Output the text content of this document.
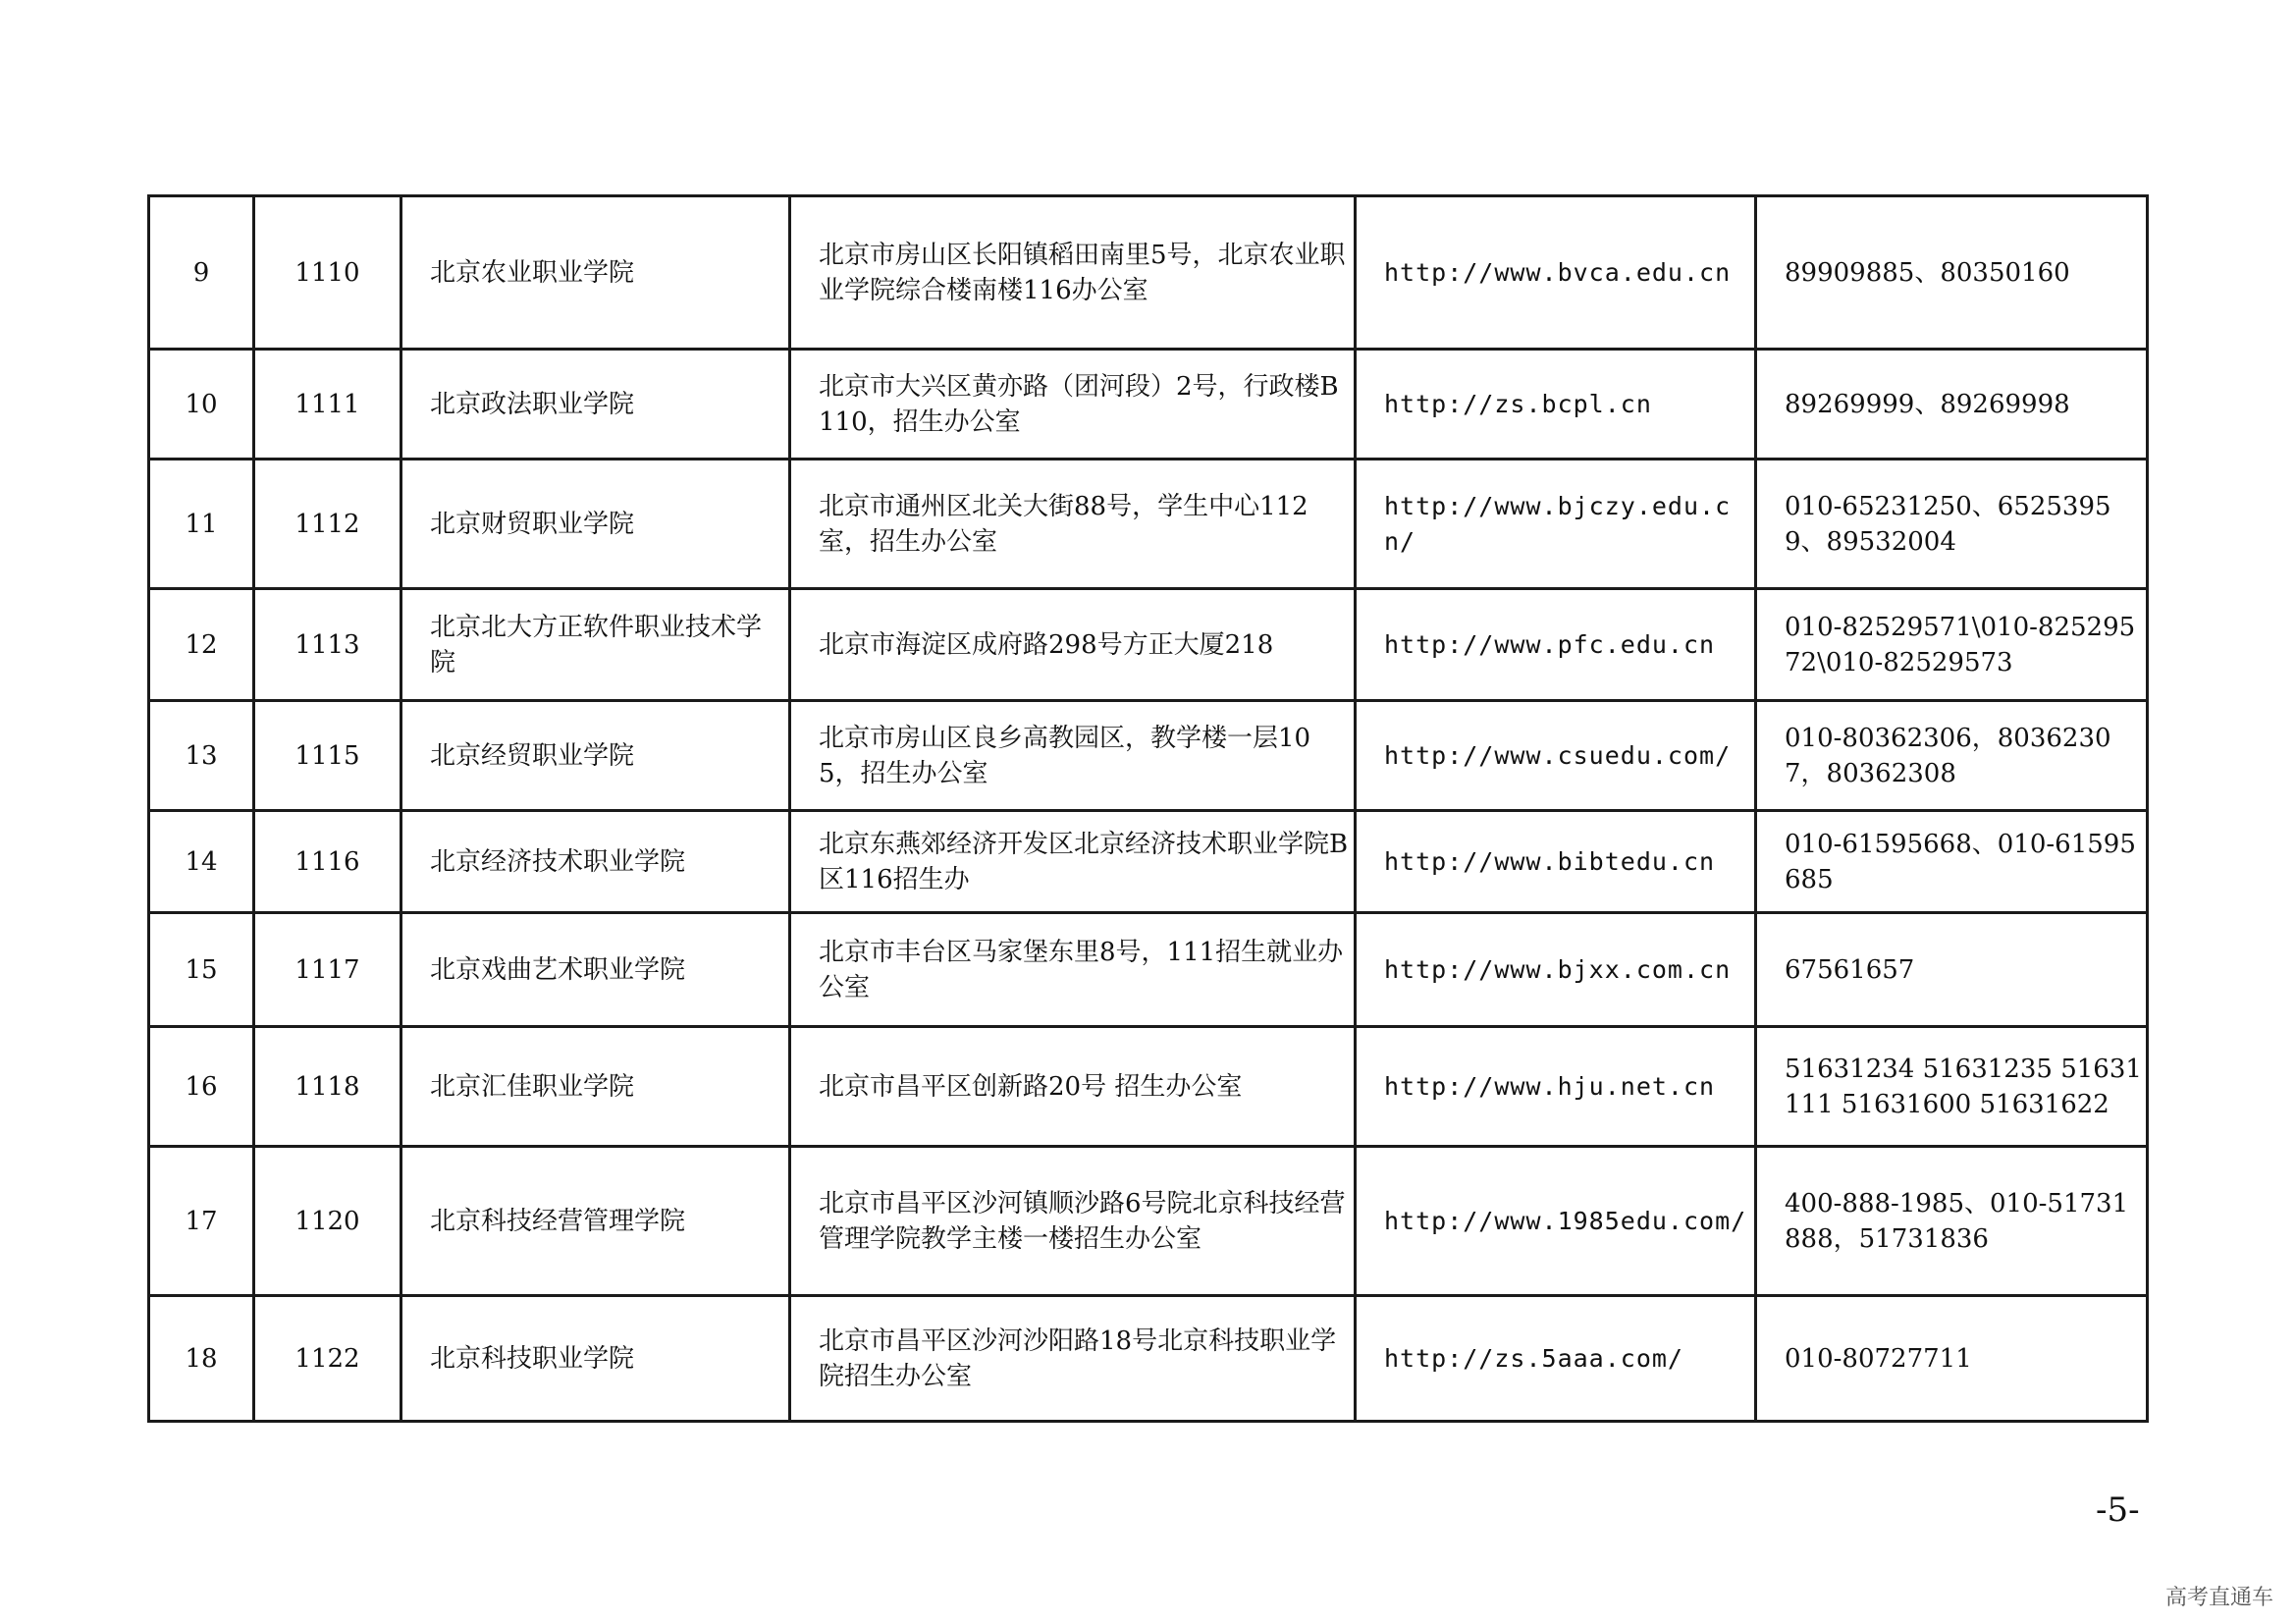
9	1110	北京农业职业学院	北京市房山区长阳镇稻田南里5号，北京农业职业学院综合楼南楼116办公室	http://www.bvca.edu.cn	89909885、80350160
10	1111	北京政法职业学院	北京市大兴区黄亦路（团河段）2号，行政楼B110，招生办公室	http://zs.bcpl.cn	89269999、89269998
11	1112	北京财贸职业学院	北京市通州区北关大街88号，学生中心112室，招生办公室	http://www.bjczy.edu.cn/	010-65231250、65253959、89532004
12	1113	北京北大方正软件职业技术学院	北京市海淀区成府路298号方正大厦218	http://www.pfc.edu.cn	010-82529571\010-82529572\010-82529573
13	1115	北京经贸职业学院	北京市房山区良乡高教园区，教学楼一层105，招生办公室	http://www.csuedu.com/	010-80362306，80362307，80362308
14	1116	北京经济技术职业学院	北京东燕郊经济开发区北京经济技术职业学院B区116招生办	http://www.bibtedu.cn	010-61595668、010-61595685
15	1117	北京戏曲艺术职业学院	北京市丰台区马家堡东里8号，111招生就业办公室	http://www.bjxx.com.cn	67561657
16	1118	北京汇佳职业学院	北京市昌平区创新路20号 招生办公室	http://www.hju.net.cn	51631234 51631235 51631111 51631600 51631622
17	1120	北京科技经营管理学院	北京市昌平区沙河镇顺沙路6号院北京科技经营管理学院教学主楼一楼招生办公室	http://www.1985edu.com/	400-888-1985、010-51731888，51731836
18	1122	北京科技职业学院	北京市昌平区沙河沙阳路18号北京科技职业学院招生办公室	http://zs.5aaa.com/	010-80727711
-5-
高考直通车
